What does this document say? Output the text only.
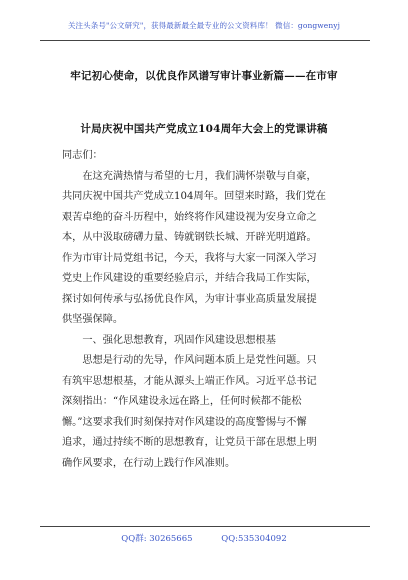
关注头条号"公文研究"，获得最新最全最专业的公文资料库！ 微信：gongwenyj
牢记初心使命，以优良作风谱写审计事业新篇——在市审
计局庆祝中国共产党成立104周年大会上的党课讲稿
同志们：
　　在这充满热情与希望的七月，我们满怀崇敬与自豪，
共同庆祝中国共产党成立104周年。回望来时路，我们党在
艰苦卓绝的奋斗历程中，始终将作风建设视为安身立命之
本，从中汲取磅礴力量、铸就钢铁长城、开辟光明道路。
作为市审计局党组书记，今天，我将与大家一同深入学习
党史上作风建设的重要经验启示，并结合我局工作实际，
探讨如何传承与弘扬优良作风，为审计事业高质量发展提
供坚强保障。
　　一、强化思想教育，巩固作风建设思想根基
　　思想是行动的先导，作风问题本质上是党性问题。只
有筑牢思想根基，才能从源头上端正作风。习近平总书记
深刻指出：“作风建设永远在路上，任何时候都不能松
懈。”这要求我们时刻保持对作风建设的高度警惕与不懈
追求，通过持续不断的思想教育，让党员干部在思想上明
确作风要求，在行动上践行作风准则。
QQ群: 30265665	QQ:535304092
